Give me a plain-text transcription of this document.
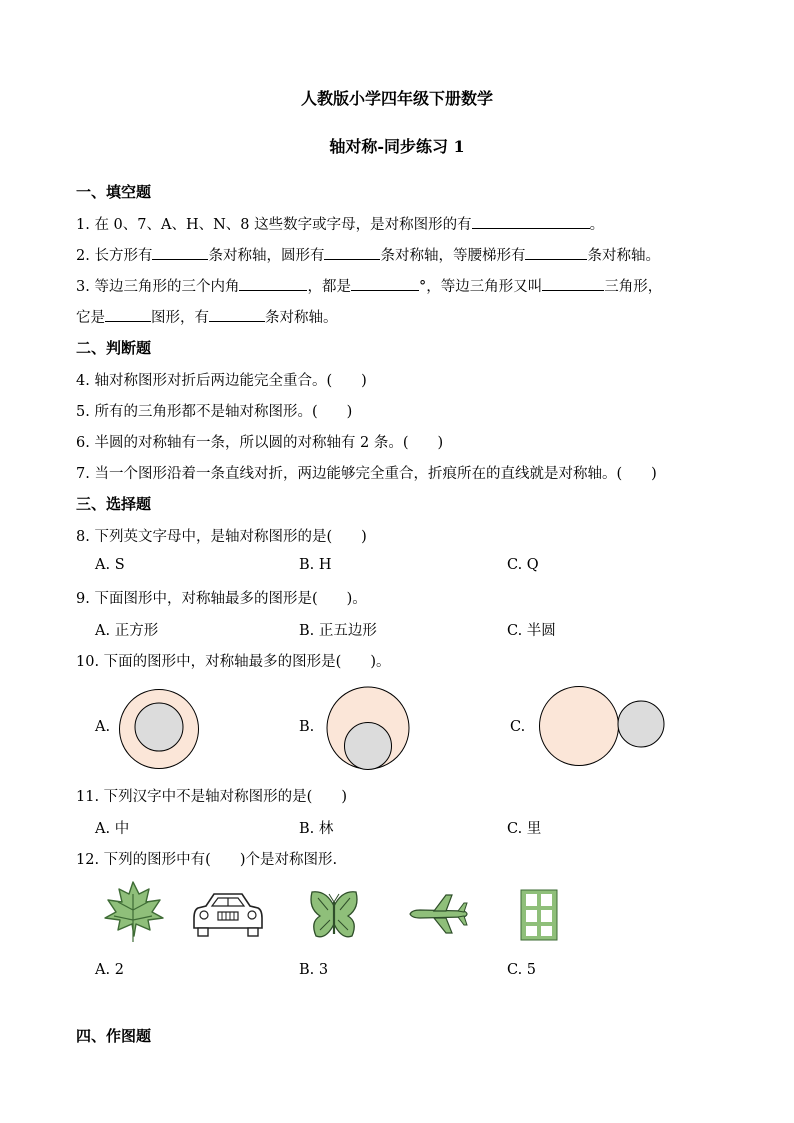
人教版小学四年级下册数学
轴对称-同步练习 1
一、填空题
1. 在 0、7、A、H、N、8 这些数字或字母，是对称图形的有	。
2. 长方形有	条对称轴，圆形有	条对称轴，等腰梯形有	条对称轴。
3. 等边三角形的三个内角	，都是	°，等边三角形又叫	三角形，
它是	图形，有	条对称轴。
二、判断题
4. 轴对称图形对折后两边能完全重合。(　　)
5. 所有的三角形都不是轴对称图形。(　　)
6. 半圆的对称轴有一条，所以圆的对称轴有 2 条。(　　)
7. 当一个图形沿着一条直线对折，两边能够完全重合，折痕所在的直线就是对称轴。(　　)
三、选择题
8. 下列英文字母中，是轴对称图形的是(　　)
A. S	B. H	C. Q
9. 下面图形中，对称轴最多的图形是(　　)。
A. 正方形	B. 正五边形	C. 半圆
10. 下面的图形中，对称轴最多的图形是(　　)。
A.	B.	C.
11. 下列汉字中不是轴对称图形的是(　　)
A. 中	B. 林	C. 里
12. 下列的图形中有(　　)个是对称图形.
A. 2	B. 3	C. 5
四、作图题
